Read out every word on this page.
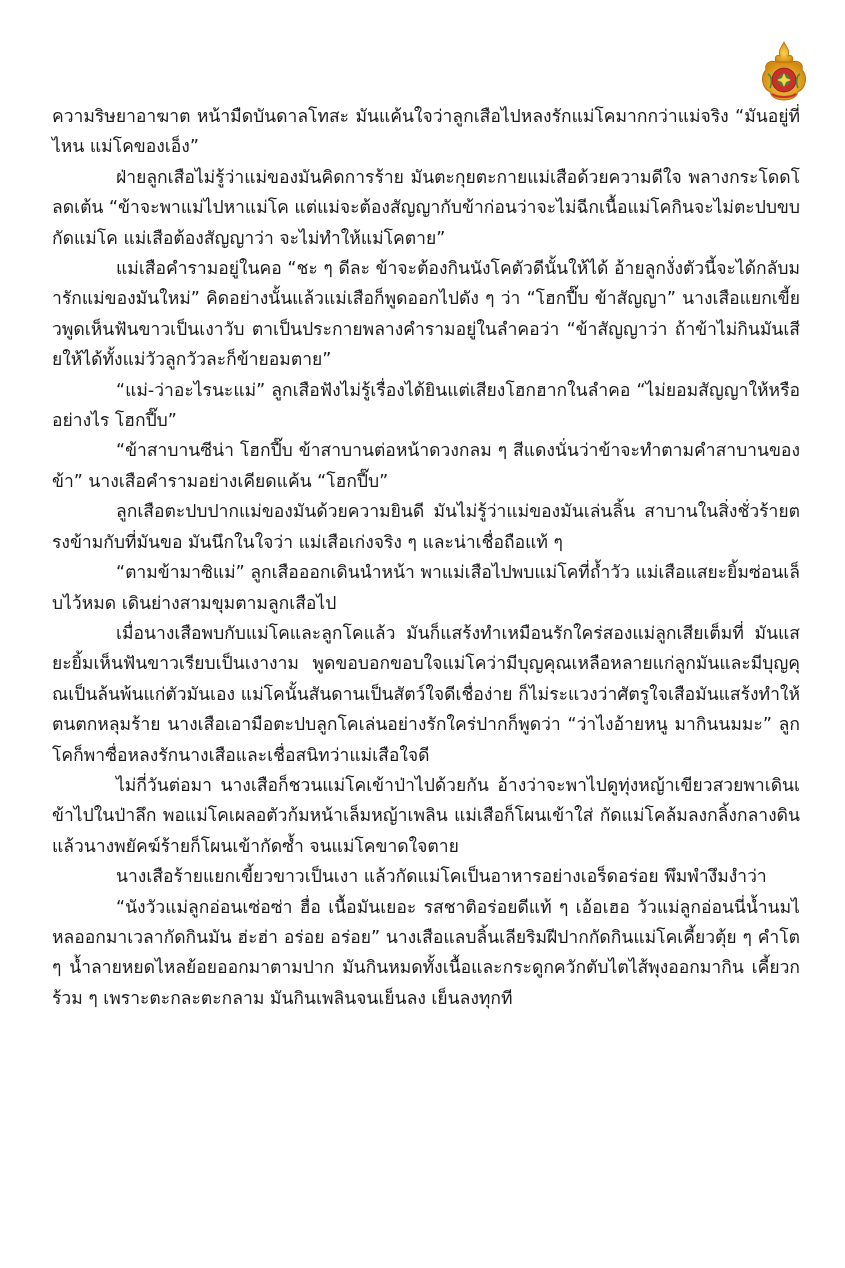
ความริษยาอาฆาต หน้ามืดบันดาลโทสะ มันแค้นใจว่าลูกเสือไปหลงรักแม่โคมากกว่าแม่จริง “มันอยู่ที่ไหน แม่โคของเอ็ง”

ฝ่ายลูกเสือไม่รู้ว่าแม่ของมันคิดการร้าย มันตะกุยตะกายแม่เสือด้วยความดีใจ พลางกระโดดโลดเต้น “ข้าจะพาแม่ไปหาแม่โค แต่แม่จะต้องสัญญากับข้าก่อนว่าจะไม่ฉีกเนื้อแม่โคกินจะไม่ตะปบขบกัดแม่โค แม่เสือต้องสัญญาว่า จะไม่ทำให้แม่โคตาย”

แม่เสือคำรามอยู่ในคอ “ชะ ๆ ดีละ ข้าจะต้องกินนังโคตัวดีนั้นให้ได้ อ้ายลูกงั่งตัวนี้จะได้กลับมารักแม่ของมันใหม่” คิดอย่างนั้นแล้วแม่เสือก็พูดออกไปดัง ๆ ว่า “โฮกปี๊บ ข้าสัญญา” นางเสือแยกเขี้ยวพูดเห็นฟันขาวเป็นเงาวับ ตาเป็นประกายพลางคำรามอยู่ในลำคอว่า “ข้าสัญญาว่า ถ้าข้าไม่กินมันเสียให้ได้ทั้งแม่วัวลูกวัวละก็ข้ายอมตาย”

“แม่-ว่าอะไรนะแม่” ลูกเสือฟังไม่รู้เรื่องได้ยินแต่เสียงโฮกฮากในลำคอ “ไม่ยอมสัญญาให้หรืออย่างไร โฮกปี๊บ”

“ข้าสาบานซีน่า โฮกปี๊บ ข้าสาบานต่อหน้าดวงกลม ๆ สีแดงนั่นว่าข้าจะทำตามคำสาบานของข้า” นางเสือคำรามอย่างเคียดแค้น “โฮกปี๊บ”

ลูกเสือตะปบปากแม่ของมันด้วยความยินดี มันไม่รู้ว่าแม่ของมันเล่นลิ้น สาบานในสิ่งชั่วร้ายตรงข้ามกับที่มันขอ มันนึกในใจว่า แม่เสือเก่งจริง ๆ และน่าเชื่อถือแท้ ๆ

“ตามข้ามาซิแม่” ลูกเสือออกเดินนำหน้า พาแม่เสือไปพบแม่โคที่ถ้ำวัว แม่เสือแสยะยิ้มซ่อนเล็บไว้หมด เดินย่างสามขุมตามลูกเสือไป

เมื่อนางเสือพบกับแม่โคและลูกโคแล้ว มันก็แสร้งทำเหมือนรักใคร่สองแม่ลูกเสียเต็มที่ มันแสยะยิ้มเห็นฟันขาวเรียบเป็นเงางาม พูดขอบอกขอบใจแม่โคว่ามีบุญคุณเหลือหลายแก่ลูกมันและมีบุญคุณเป็นล้นพ้นแก่ตัวมันเอง แม่โคนั้นสันดานเป็นสัตว์ใจดีเชื่อง่าย ก็ไม่ระแวงว่าศัตรูใจเสือมันแสร้งทำให้ตนตกหลุมร้าย นางเสือเอามือตะปบลูกโคเล่นอย่างรักใคร่ปากก็พูดว่า “ว่าไงอ้ายหนู มากินนมมะ” ลูกโคก็พาซื่อหลงรักนางเสือและเชื่อสนิทว่าแม่เสือใจดี

ไม่กี่วันต่อมา นางเสือก็ชวนแม่โคเข้าป่าไปด้วยกัน อ้างว่าจะพาไปดูทุ่งหญ้าเขียวสวยพาเดินเข้าไปในป่าลึก พอแม่โคเผลอตัวก้มหน้าเล็มหญ้าเพลิน แม่เสือก็โผนเข้าใส่ กัดแม่โคล้มลงกลิ้งกลางดิน แล้วนางพยัคฆ์ร้ายก็โผนเข้ากัดซ้ำ จนแม่โคขาดใจตาย

นางเสือร้ายแยกเขี้ยวขาวเป็นเงา แล้วกัดแม่โคเป็นอาหารอย่างเอร็ดอร่อย พึมพำงึมงำว่า

“นังวัวแม่ลูกอ่อนเซ่อซ่า ฮื่อ เนื้อมันเยอะ รสชาติอร่อยดีแท้ ๆ เอ้อเฮอ วัวแม่ลูกอ่อนนี่น้ำนมไหลออกมาเวลากัดกินมัน ฮ่ะฮ่า อร่อย อร่อย” นางเสือแลบลิ้นเลียริมฝีปากกัดกินแม่โคเคี้ยวตุ้ย ๆ คำโต ๆ น้ำลายหยดไหลย้อยออกมาตามปาก มันกินหมดทั้งเนื้อและกระดูกควักตับไตไส้พุงออกมากิน เคี้ยวกร้วม ๆ เพราะตะกละตะกลาม มันกินเพลินจนเย็นลง เย็นลงทุกที
